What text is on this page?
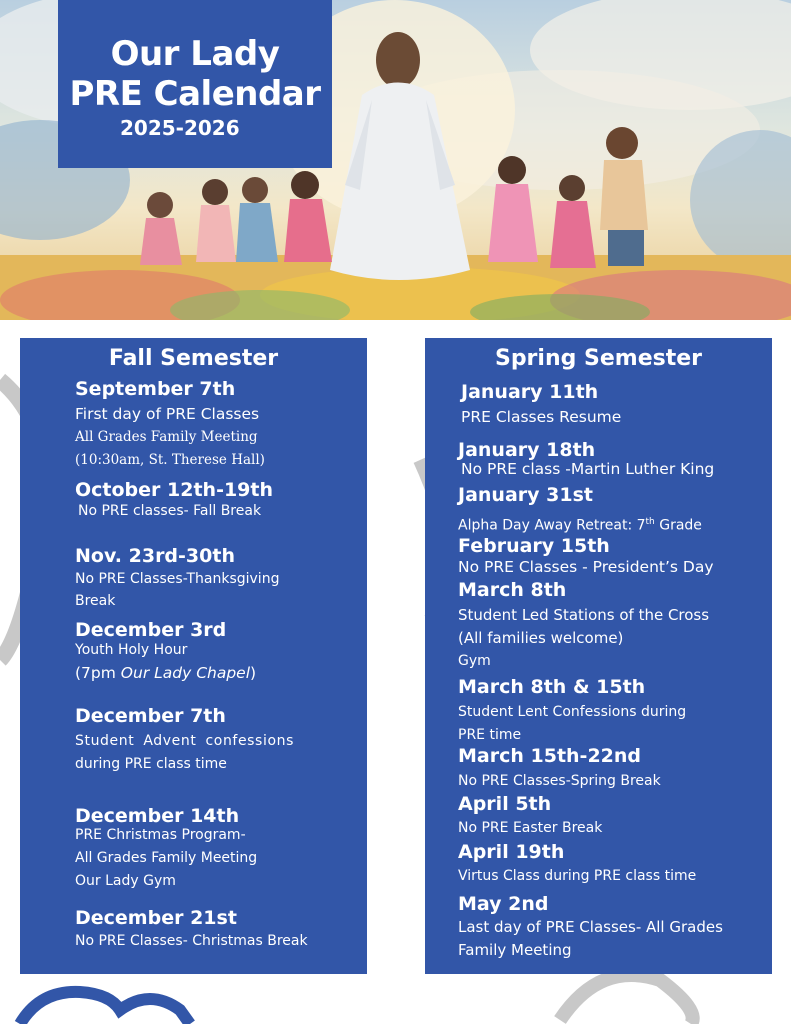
Our Lady
PRE Calendar
2025-2026
Fall Semester
September 7th
First day of PRE Classes
All Grades Family Meeting
(10:30am, St. Therese Hall)
October 12th-19th
No PRE classes- Fall Break
Nov. 23rd-30th
No PRE Classes-Thanksgiving
Break
December 3rd
Youth Holy Hour
(7pm Our Lady Chapel)
December 7th
Student Advent confessions
during PRE class time
December 14th
PRE Christmas Program-
All Grades Family Meeting
Our Lady Gym
December 21st
No PRE Classes- Christmas Break
Spring Semester
January 11th
PRE Classes Resume
January 18th
No PRE class -Martin Luther King
January 31st
Alpha Day Away Retreat: 7th Grade
February 15th
No PRE Classes - President’s Day
March 8th
Student Led Stations of the Cross
(All families welcome)
Gym
March 8th & 15th
Student Lent Confessions during
PRE time
March 15th-22nd
No PRE Classes-Spring Break
April 5th
No PRE Easter Break
April 19th
Virtus Class during PRE class time
May 2nd
Last day of PRE Classes- All Grades
Family Meeting
